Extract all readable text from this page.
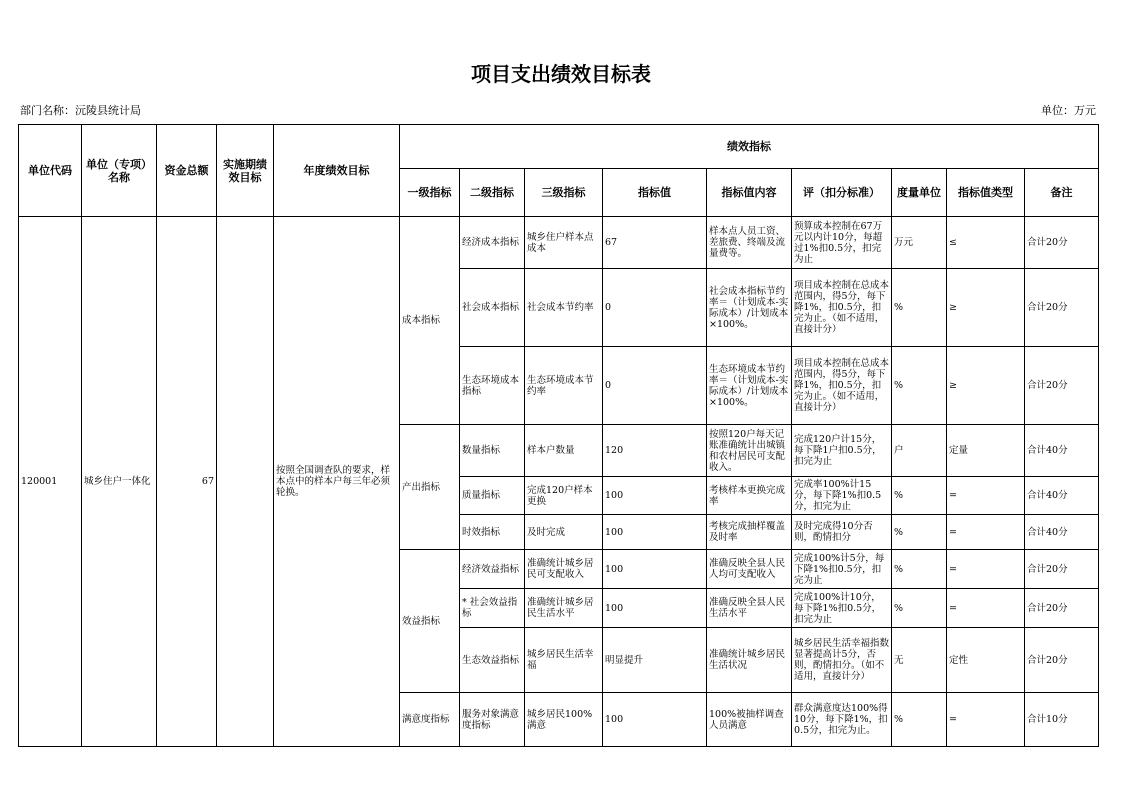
项目支出绩效目标表
部门名称：沅陵县统计局	单位：万元
单位代码	单位（专项）名称	资金总额	实施期绩效目标	年度绩效目标	绩效指标								
					一级指标	二级指标	三级指标	指标值	指标值内容	评（扣分标准）	度量单位	指标值类型	备注
120001	城乡住户一体化	67		按照全国调查队的要求，样本点中的样本户每三年必须轮换。	成本指标	经济成本指标	城乡住户样本点成本	67	样本点人员工资、差旅费、终端及流量费等。	预算成本控制在67万元以内计10分，每超过1%扣0.5分，扣完为止	万元	≤	合计20分
						社会成本指标	社会成本节约率	0	社会成本指标节约率＝（计划成本-实际成本）/计划成本×100%。	项目成本控制在总成本范围内，得5分，每下降1%，扣0.5分，扣完为止。（如不适用，直接计分）	%	≥	合计20分
						生态环境成本指标	生态环境成本节约率	0	生态环境成本节约率＝（计划成本-实际成本）/计划成本×100%。	项目成本控制在总成本范围内，得5分，每下降1%，扣0.5分，扣完为止。（如不适用，直接计分）	%	≥	合计20分
					产出指标	数量指标	样本户数量	120	按照120户每天记账准确统计出城镇和农村居民可支配收入。	完成120户计15分，每下降1户扣0.5分，扣完为止	户	定量	合计40分
						质量指标	完成120户样本更换	100	考核样本更换完成率	完成率100%计15分，每下降1%扣0.5分，扣完为止	%	=	合计40分
						时效指标	及时完成	100	考核完成抽样覆盖及时率	及时完成得10分否则，酌情扣分	%	=	合计40分
					效益指标	经济效益指标	准确统计城乡居民可支配收入	100	准确反映全县人民人均可支配收入	完成100%计5分，每下降1%扣0.5分，扣完为止	%	=	合计20分
						* 社会效益指标	准确统计城乡居民生活水平	100	准确反映全县人民生活水平	完成100%计10分，每下降1%扣0.5分，扣完为止	%	=	合计20分
						生态效益指标	城乡居民生活幸福	明显提升	准确统计城乡居民生活状况	城乡居民生活幸福指数显著提高计5分，否则，酌情扣分。（如不适用，直接计分）	无	定性	合计20分
					满意度指标	服务对象满意度指标	城乡居民100%满意	100	100%被抽样调查人员满意	群众满意度达100%得10分，每下降1%，扣0.5分，扣完为止。	%	=	合计10分
